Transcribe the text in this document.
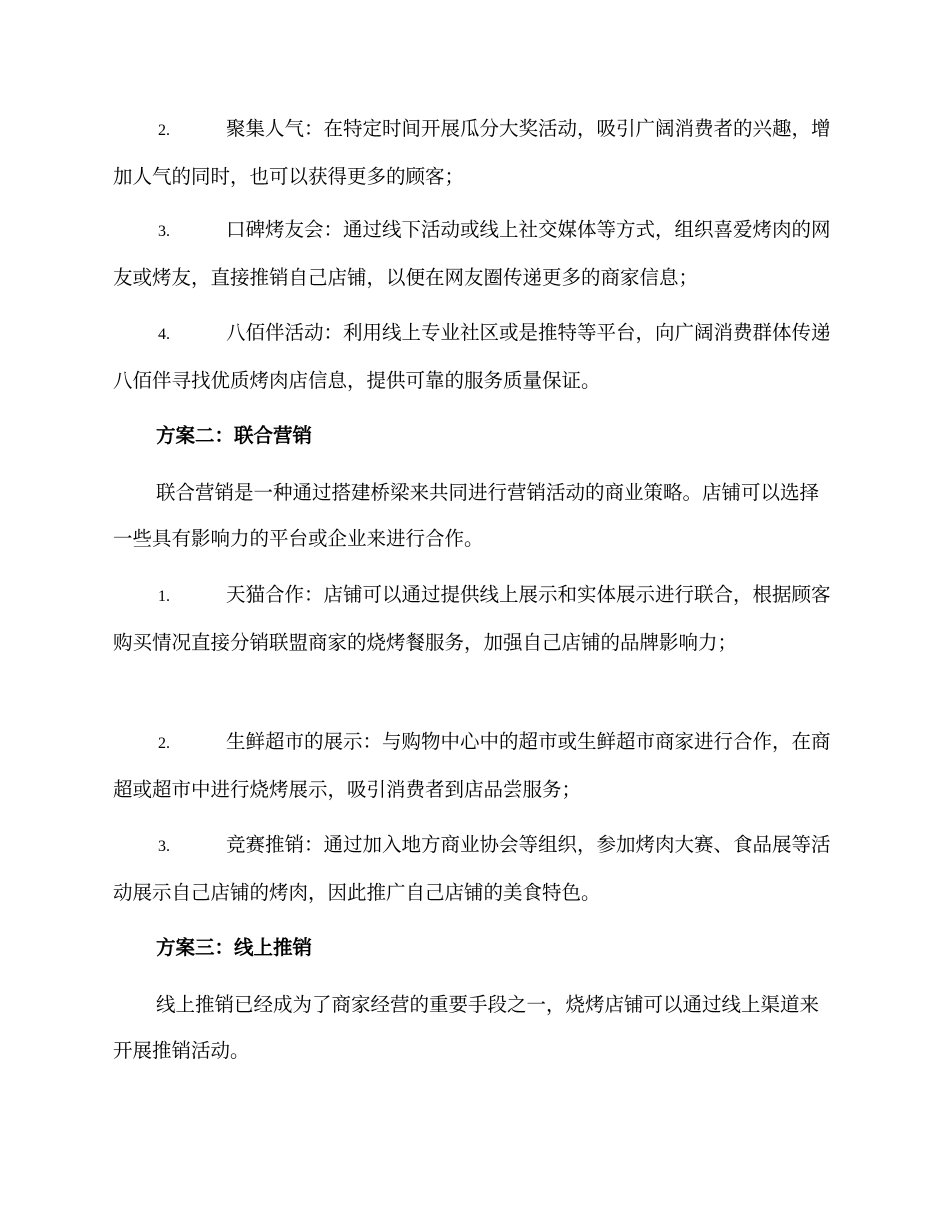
2.	聚集人气：在特定时间开展瓜分大奖活动，吸引广阔消费者的兴趣，增加人气的同时，也可以获得更多的顾客；

3.	口碑烤友会：通过线下活动或线上社交媒体等方式，组织喜爱烤肉的网友或烤友，直接推销自己店铺，以便在网友圈传递更多的商家信息；

4.	八佰伴活动：利用线上专业社区或是推特等平台，向广阔消费群体传递八佰伴寻找优质烤肉店信息，提供可靠的服务质量保证。

方案二：联合营销

联合营销是一种通过搭建桥梁来共同进行营销活动的商业策略。店铺可以选择一些具有影响力的平台或企业来进行合作。

1.	天猫合作：店铺可以通过提供线上展示和实体展示进行联合，根据顾客购买情况直接分销联盟商家的烧烤餐服务，加强自己店铺的品牌影响力；

2.	生鲜超市的展示：与购物中心中的超市或生鲜超市商家进行合作，在商超或超市中进行烧烤展示，吸引消费者到店品尝服务；

3.	竞赛推销：通过加入地方商业协会等组织，参加烤肉大赛、食品展等活动展示自己店铺的烤肉，因此推广自己店铺的美食特色。

方案三：线上推销

线上推销已经成为了商家经营的重要手段之一，烧烤店铺可以通过线上渠道来开展推销活动。
